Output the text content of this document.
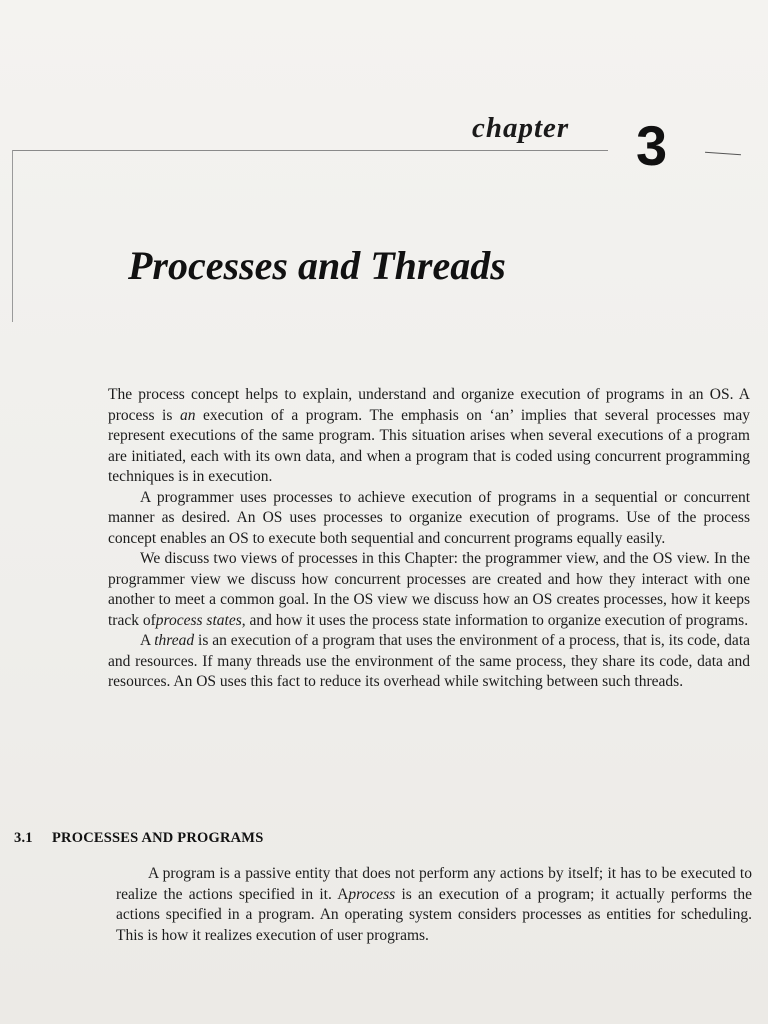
chapter 3
Processes and Threads

The process concept helps to explain, understand and organize execution of programs in an OS. A process is an execution of a program. The emphasis on ‘an’ implies that several processes may represent executions of the same program. This situation arises when several executions of a program are initiated, each with its own data, and when a program that is coded using concurrent programming techniques is in execution.

A programmer uses processes to achieve execution of programs in a sequential or concurrent manner as desired. An OS uses processes to organize execution of programs. Use of the process concept enables an OS to execute both sequential and concurrent programs equally easily.

We discuss two views of processes in this Chapter: the programmer view, and the OS view. In the programmer view we discuss how concurrent processes are created and how they interact with one another to meet a common goal. In the OS view we discuss how an OS creates processes, how it keeps track ofprocess states, and how it uses the process state information to organize execution of programs.

A thread is an execution of a program that uses the environment of a process, that is, its code, data and resources. If many threads use the environment of the same process, they share its code, data and resources. An OS uses this fact to reduce its overhead while switching between such threads.

3.1 PROCESSES AND PROGRAMS

A program is a passive entity that does not perform any actions by itself; it has to be executed to realize the actions specified in it. Aprocess is an execution of a program; it actually performs the actions specified in a program. An operating system considers processes as entities for scheduling. This is how it realizes execution of user programs.
